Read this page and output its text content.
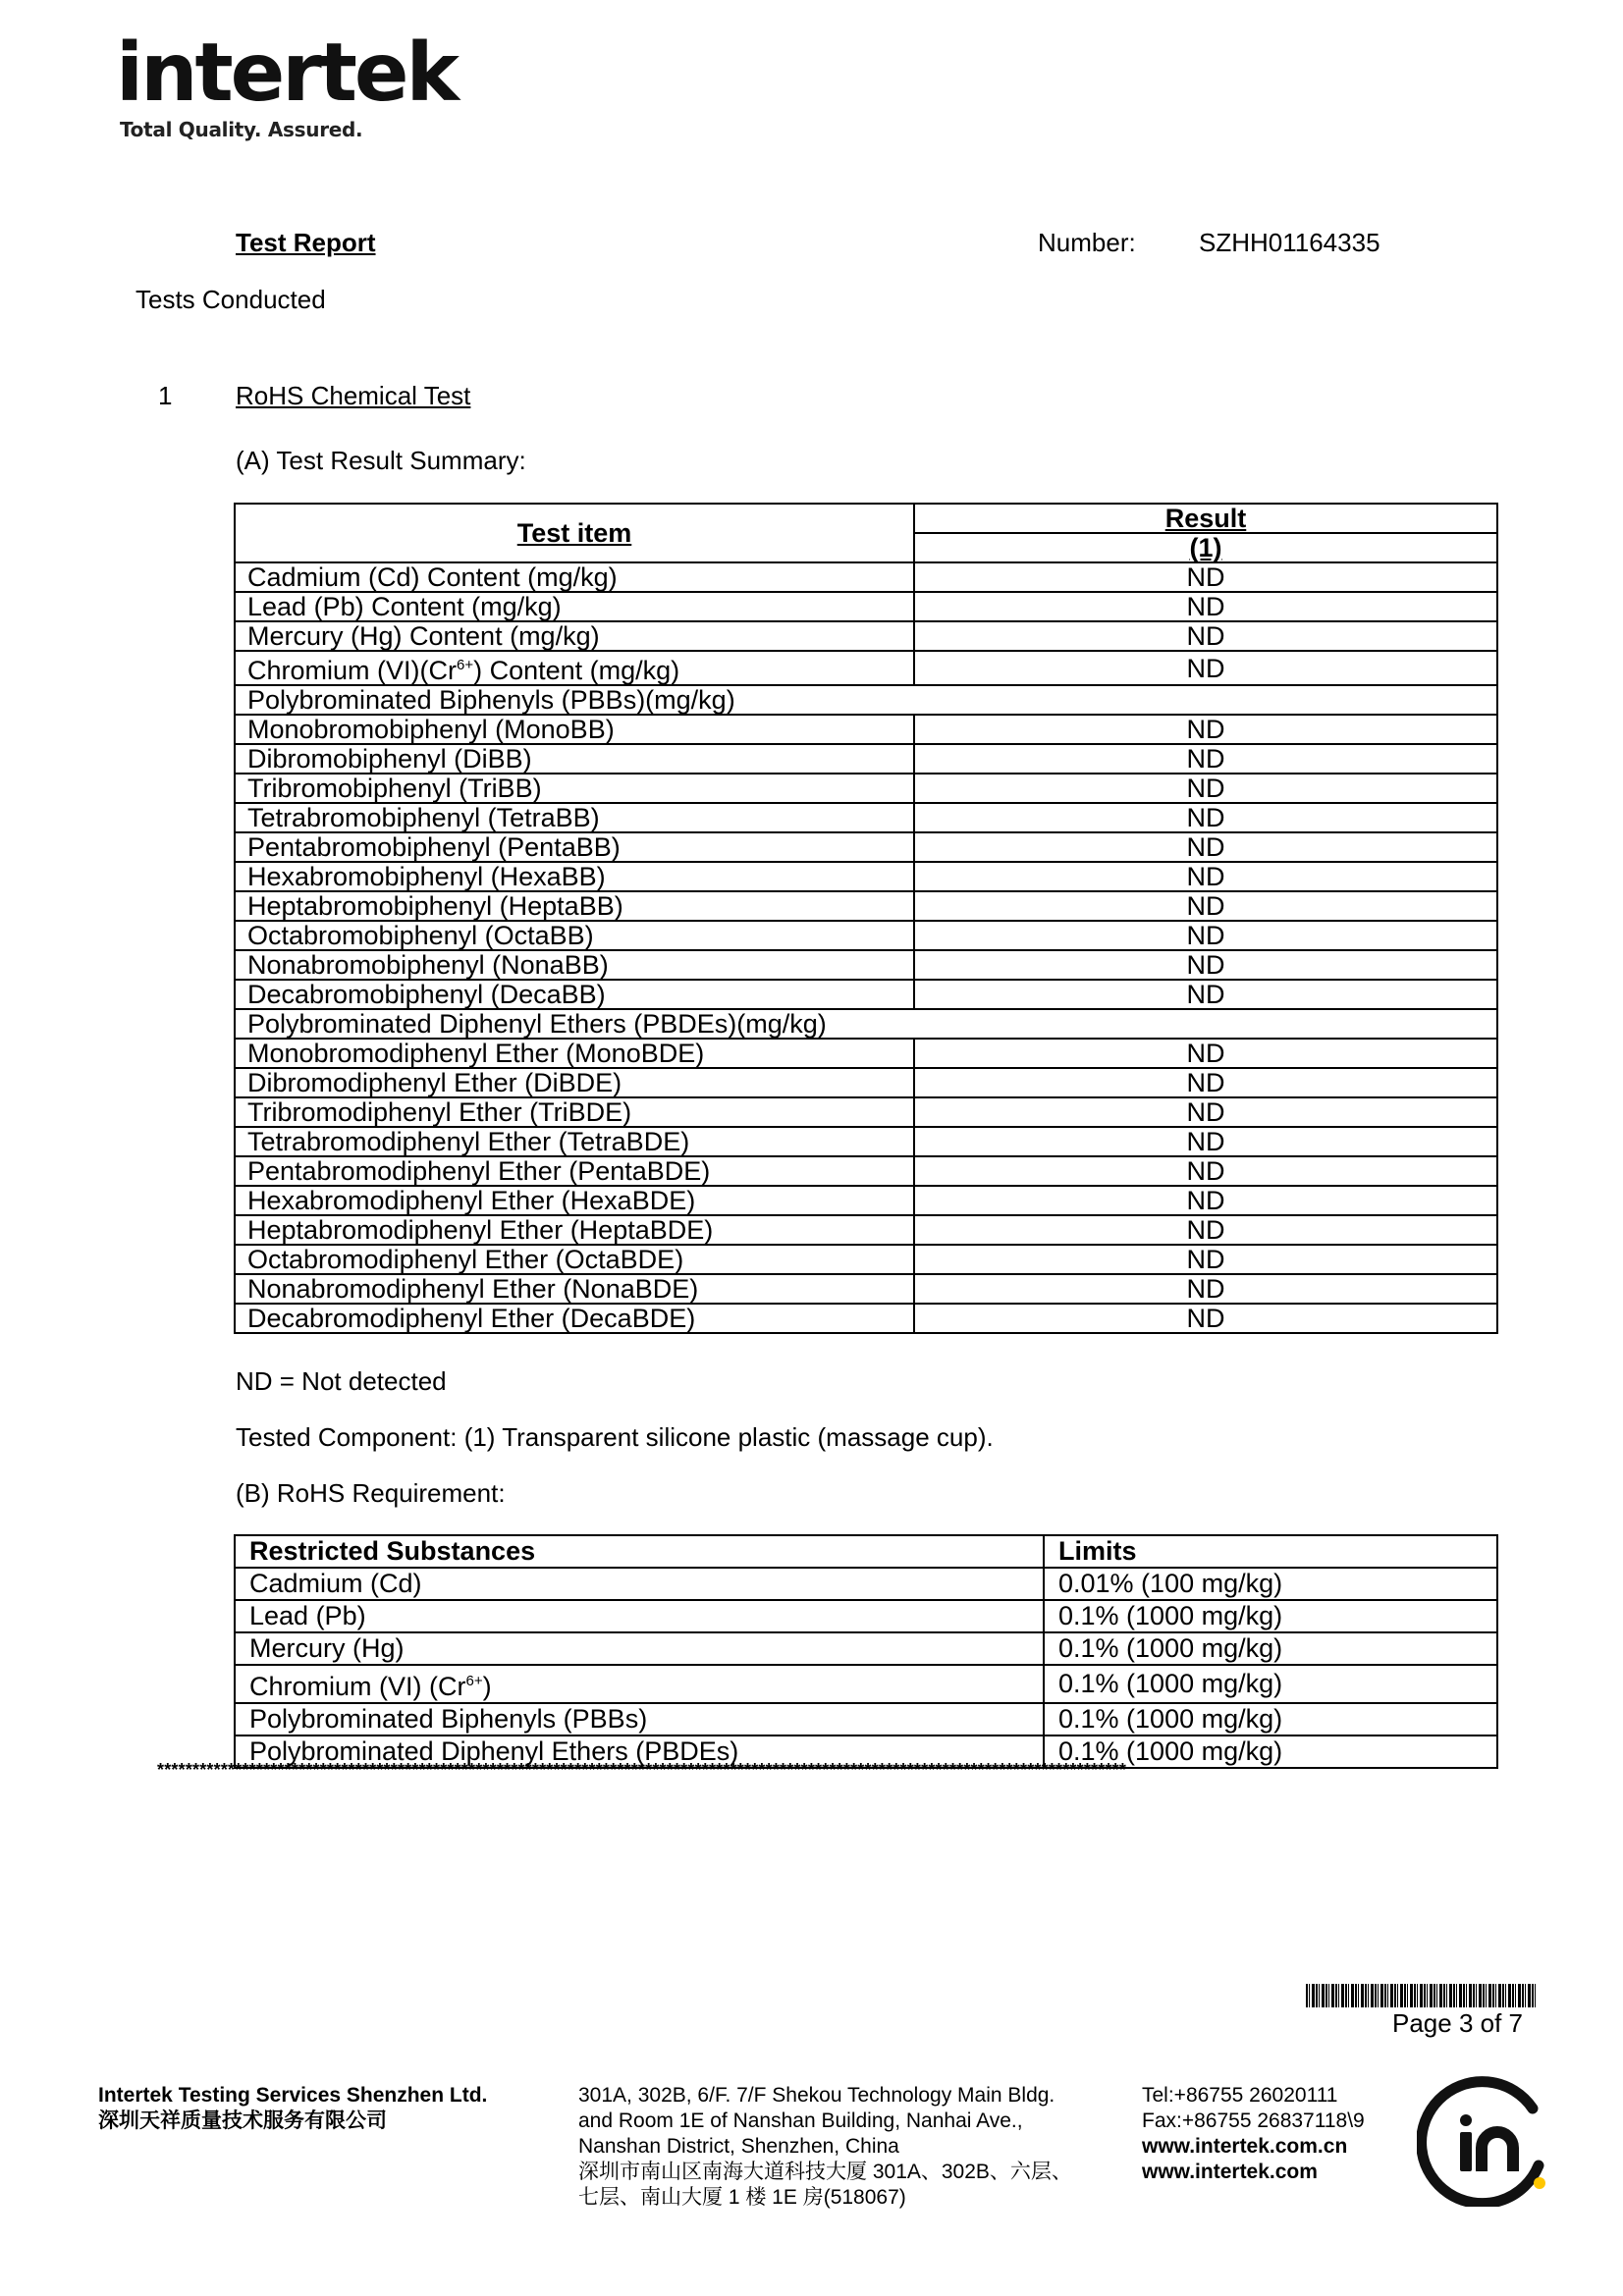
intertek
Total Quality. Assured.
Test Report	Number: SZHH01164335
Tests Conducted
1 RoHS Chemical Test
(A) Test Result Summary:
Test item	Result
	(1)
Cadmium (Cd) Content (mg/kg)	ND
Lead (Pb) Content (mg/kg)	ND
Mercury (Hg) Content (mg/kg)	ND
Chromium $(VI)(Cr^{6+})$ Content (mg/kg)	ND
Polybrominated Biphenyls (PBBs)(mg/kg)	
Monobromobiphenyl (MonoBB)	ND
Dibromobiphenyl (DiBB)	ND
Tribromobiphenyl (TriBB)	ND
Tetrabromobiphenyl (TetraBB)	ND
Pentabromobiphenyl (PentaBB)	ND
Hexabromobiphenyl (HexaBB)	ND
Heptabromobiphenyl (HeptaBB)	ND
Octabromobiphenyl (OctaBB)	ND
Nonabromobiphenyl (NonaBB)	ND
Decabromobiphenyl (DecaBB)	ND
Polybrominated Diphenyl Ethers (PBDEs)(mg/kg)	
Monobromodiphenyl Ether (MonoBDE)	ND
Dibromodiphenyl Ether (DiBDE)	ND
Tribromodiphenyl Ether (TriBDE)	ND
Tetrabromodiphenyl Ether (TetraBDE)	ND
Pentabromodiphenyl Ether (PentaBDE)	ND
Hexabromodiphenyl Ether (HexaBDE)	ND
Heptabromodiphenyl Ether (HeptaBDE)	ND
Octabromodiphenyl Ether (OctaBDE)	ND
Nonabromodiphenyl Ether (NonaBDE)	ND
Decabromodiphenyl Ether (DecaBDE)	ND
ND = Not detected
Tested Component: (1) Transparent silicone plastic (massage cup).
(B) RoHS Requirement:
Restricted Substances	Limits
Cadmium (Cd)	0.01% (100 mg/kg)
Lead (Pb)	0.1% (1000 mg/kg)
Mercury (Hg)	0.1% (1000 mg/kg)
Chromium (VI) $(Cr^{6+})$	0.1% (1000 mg/kg)
Polybrominated Biphenyls (PBBs)	0.1% (1000 mg/kg)
Polybrominated Diphenyl Ethers (PBDEs)	0.1% (1000 mg/kg)
*****************************************************************************************************************************************
Page 3 of 7
Intertek Testing Services Shenzhen Ltd.
深圳天祥质量技术服务有限公司
301A, 302B, 6/F. 7/F Shekou Technology Main Bldg.
and Room 1E of Nanshan Building, Nanhai Ave.,
Nanshan District, Shenzhen, China
深圳市南山区南海大道科技大厦 301A、302B、六层、
七层、南山大厦 1 楼 1E 房(518067)
Tel:+86755 26020111
Fax:+86755 26837118\9
www.intertek.com.cn
www.intertek.com
